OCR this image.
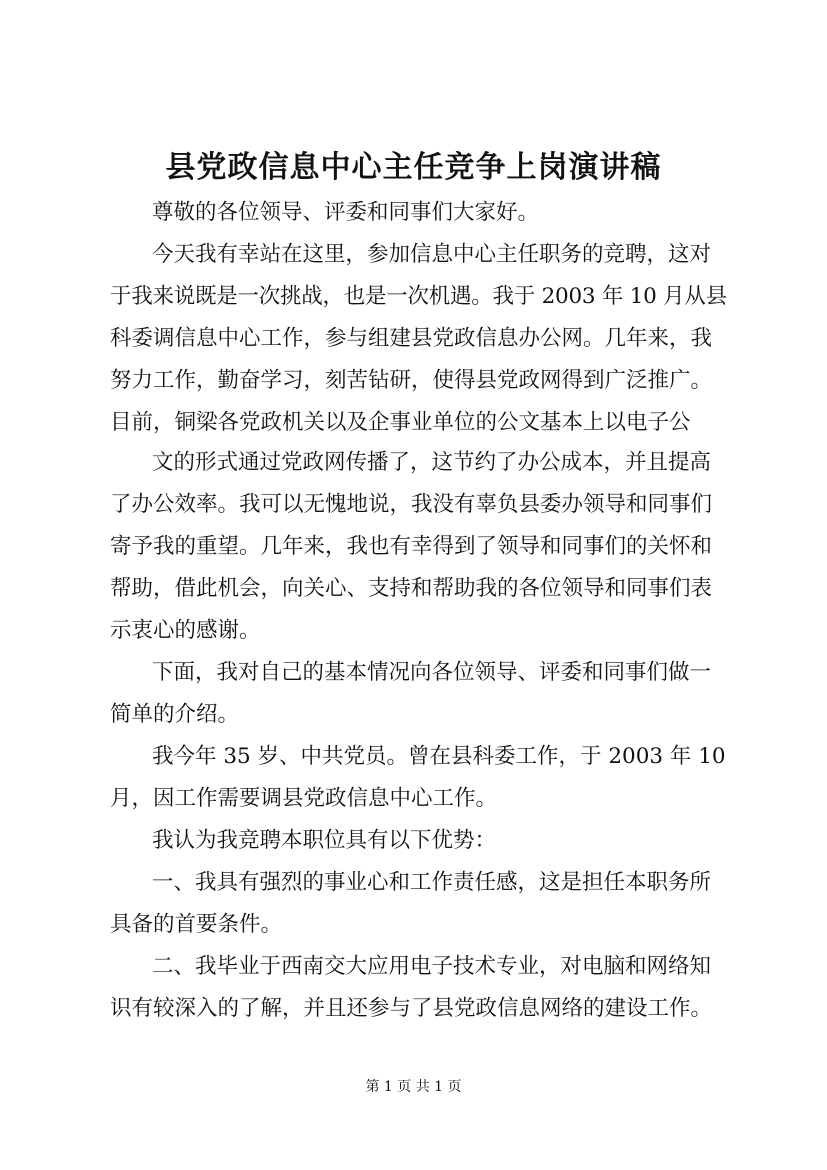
县党政信息中心主任竞争上岗演讲稿
尊敬的各位领导、评委和同事们大家好。
今天我有幸站在这里，参加信息中心主任职务的竞聘，这对
于我来说既是一次挑战，也是一次机遇。我于 2003 年 10 月从县
科委调信息中心工作，参与组建县党政信息办公网。几年来，我
努力工作，勤奋学习，刻苦钻研，使得县党政网得到广泛推广。
目前，铜梁各党政机关以及企事业单位的公文基本上以电子公
文的形式通过党政网传播了，这节约了办公成本，并且提高
了办公效率。我可以无愧地说，我没有辜负县委办领导和同事们
寄予我的重望。几年来，我也有幸得到了领导和同事们的关怀和
帮助，借此机会，向关心、支持和帮助我的各位领导和同事们表
示衷心的感谢。
下面，我对自己的基本情况向各位领导、评委和同事们做一
简单的介绍。
我今年 35 岁、中共党员。曾在县科委工作，于 2003 年 10
月，因工作需要调县党政信息中心工作。
我认为我竞聘本职位具有以下优势：
一、我具有强烈的事业心和工作责任感，这是担任本职务所
具备的首要条件。
二、我毕业于西南交大应用电子技术专业，对电脑和网络知
识有较深入的了解，并且还参与了县党政信息网络的建设工作。
第 1 页 共 1 页
